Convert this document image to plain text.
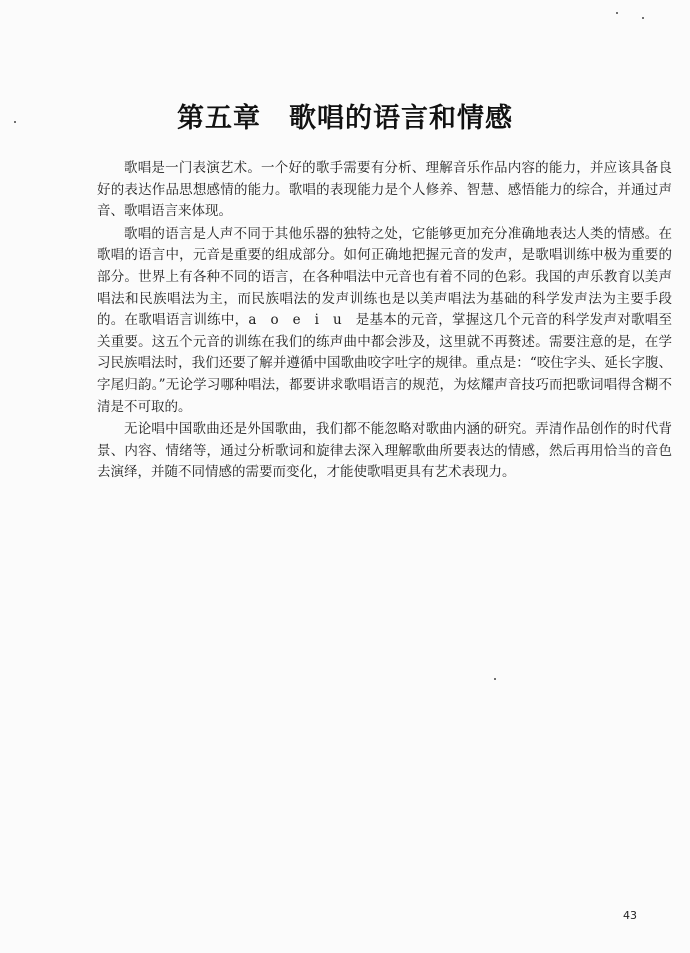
第五章　歌唱的语言和情感

歌唱是一门表演艺术。一个好的歌手需要有分析、理解音乐作品内容的能力，并应该具备良好的表达作品思想感情的能力。歌唱的表现能力是个人修养、智慧、感悟能力的综合，并通过声音、歌唱语言来体现。

歌唱的语言是人声不同于其他乐器的独特之处，它能够更加充分准确地表达人类的情感。在歌唱的语言中，元音是重要的组成部分。如何正确地把握元音的发声，是歌唱训练中极为重要的部分。世界上有各种不同的语言，在各种唱法中元音也有着不同的色彩。我国的声乐教育以美声唱法和民族唱法为主，而民族唱法的发声训练也是以美声唱法为基础的科学发声法为主要手段的。在歌唱语言训练中，a　o　e　i　u　是基本的元音，掌握这几个元音的科学发声对歌唱至关重要。这五个元音的训练在我们的练声曲中都会涉及，这里就不再赘述。需要注意的是，在学习民族唱法时，我们还要了解并遵循中国歌曲咬字吐字的规律。重点是：“咬住字头、延长字腹、字尾归韵。”无论学习哪种唱法，都要讲求歌唱语言的规范，为炫耀声音技巧而把歌词唱得含糊不清是不可取的。

无论唱中国歌曲还是外国歌曲，我们都不能忽略对歌曲内涵的研究。弄清作品创作的时代背景、内容、情绪等，通过分析歌词和旋律去深入理解歌曲所要表达的情感，然后再用恰当的音色去演绎，并随不同情感的需要而变化，才能使歌唱更具有艺术表现力。

43
